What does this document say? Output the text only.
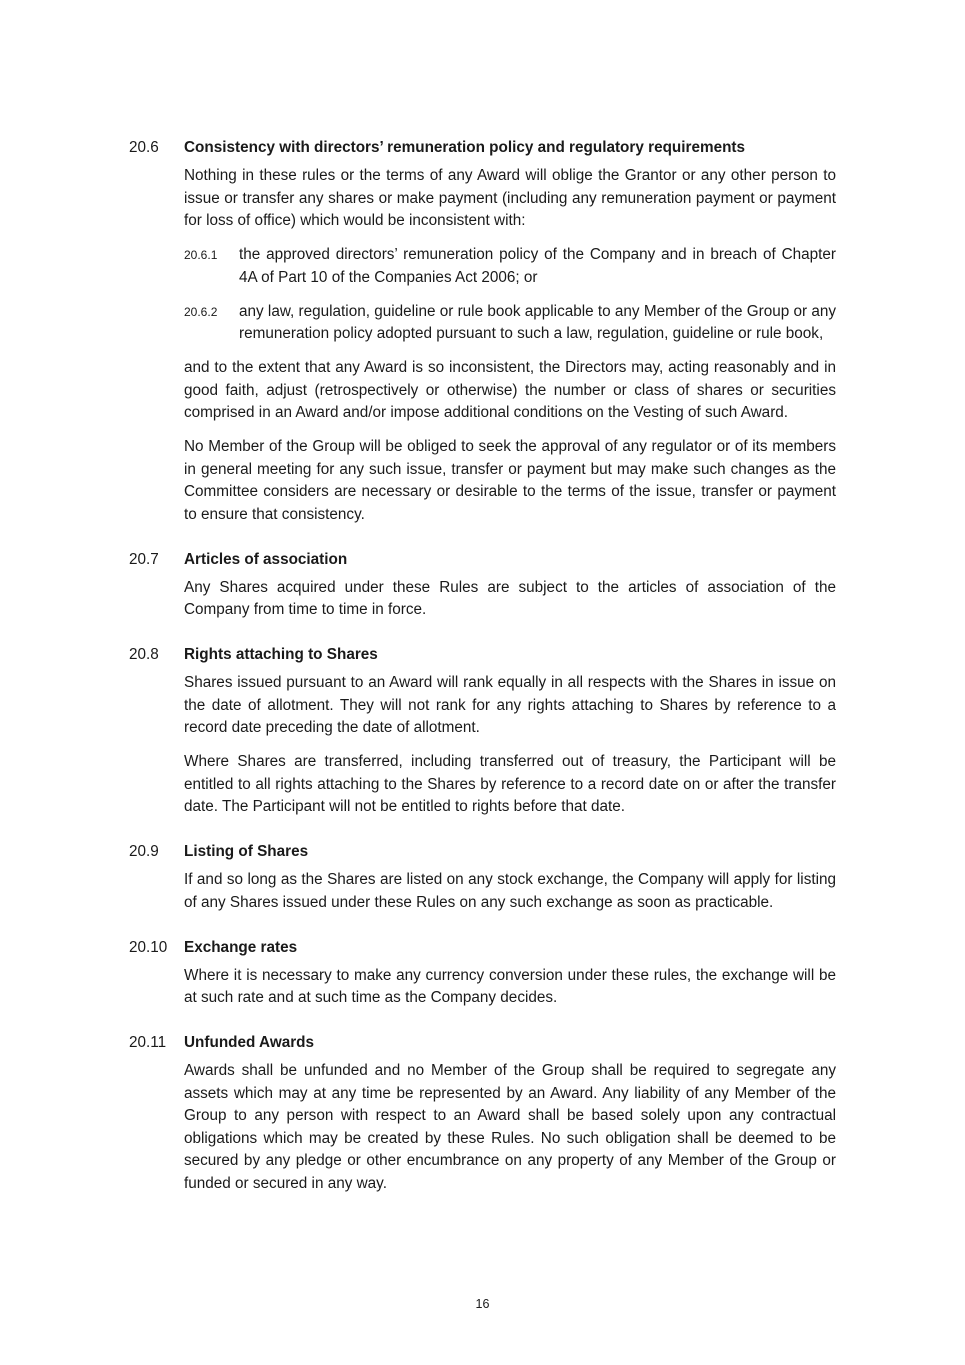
20.6	Consistency with directors’ remuneration policy and regulatory requirements

Nothing in these rules or the terms of any Award will oblige the Grantor or any other person to issue or transfer any shares or make payment (including any remuneration payment or payment for loss of office) which would be inconsistent with:

20.6.1	the approved directors’ remuneration policy of the Company and in breach of Chapter 4A of Part 10 of the Companies Act 2006; or
20.6.2	any law, regulation, guideline or rule book applicable to any Member of the Group or any remuneration policy adopted pursuant to such a law, regulation, guideline or rule book,

and to the extent that any Award is so inconsistent, the Directors may, acting reasonably and in good faith, adjust (retrospectively or otherwise) the number or class of shares or securities comprised in an Award and/or impose additional conditions on the Vesting of such Award.

No Member of the Group will be obliged to seek the approval of any regulator or of its members in general meeting for any such issue, transfer or payment but may make such changes as the Committee considers are necessary or desirable to the terms of the issue, transfer or payment to ensure that consistency.

20.7	Articles of association

Any Shares acquired under these Rules are subject to the articles of association of the Company from time to time in force.

20.8	Rights attaching to Shares

Shares issued pursuant to an Award will rank equally in all respects with the Shares in issue on the date of allotment. They will not rank for any rights attaching to Shares by reference to a record date preceding the date of allotment.

Where Shares are transferred, including transferred out of treasury, the Participant will be entitled to all rights attaching to the Shares by reference to a record date on or after the transfer date. The Participant will not be entitled to rights before that date.

20.9	Listing of Shares

If and so long as the Shares are listed on any stock exchange, the Company will apply for listing of any Shares issued under these Rules on any such exchange as soon as practicable.

20.10	Exchange rates

Where it is necessary to make any currency conversion under these rules, the exchange will be at such rate and at such time as the Company decides.

20.11	Unfunded Awards

Awards shall be unfunded and no Member of the Group shall be required to segregate any assets which may at any time be represented by an Award. Any liability of any Member of the Group to any person with respect to an Award shall be based solely upon any contractual obligations which may be created by these Rules. No such obligation shall be deemed to be secured by any pledge or other encumbrance on any property of any Member of the Group or funded or secured in any way.

16
